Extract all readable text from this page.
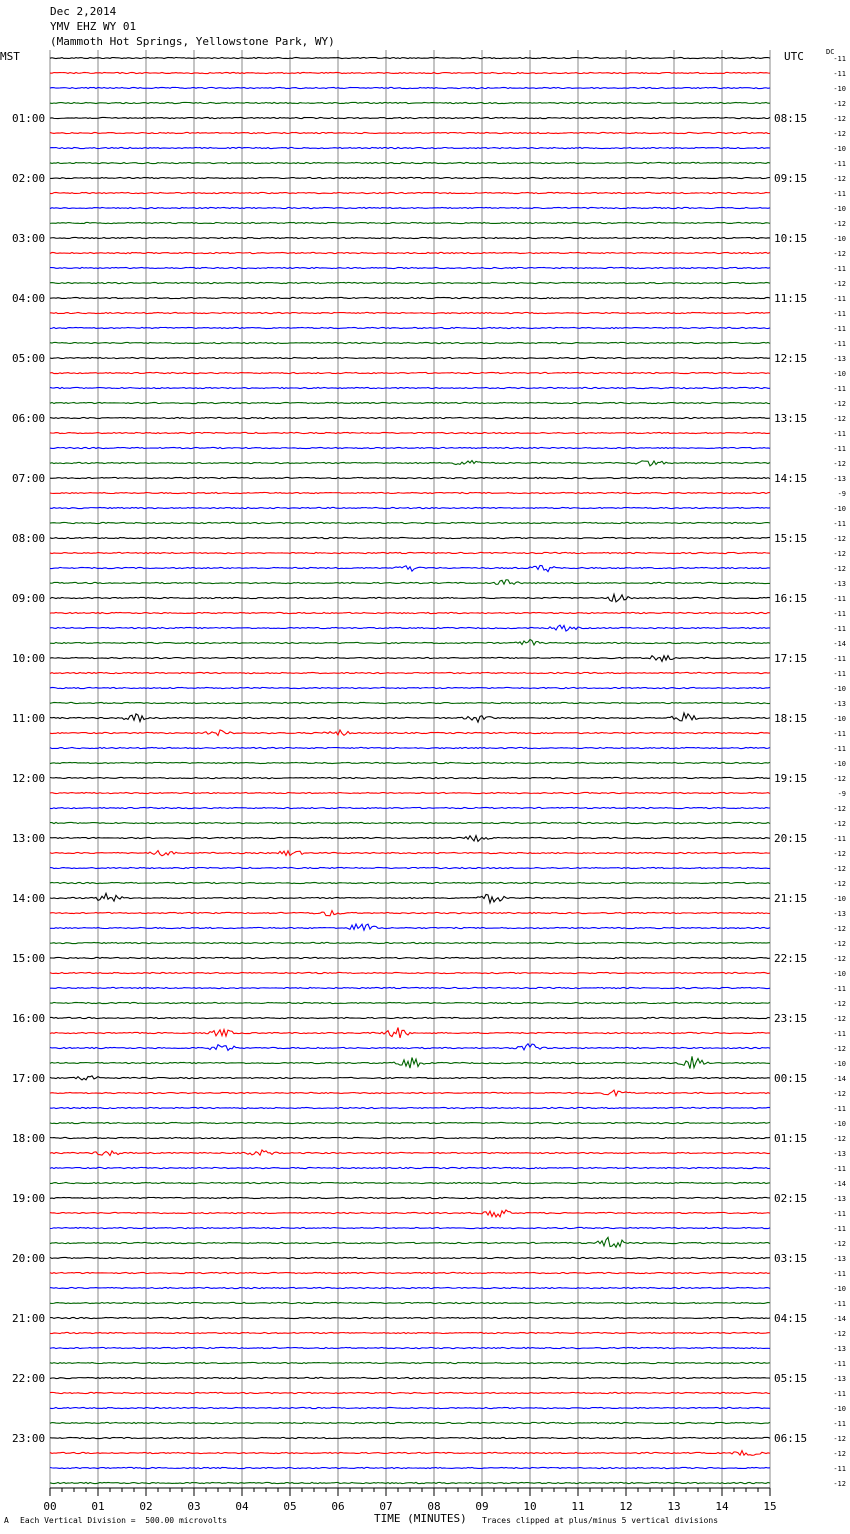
Dec 2,2014
YMV EHZ WY 01
(Mammoth Hot Springs, Yellowstone Park, WY)
MST	UTC	DC
01:00
02:00
03:00
04:00
05:00
06:00
07:00
08:00
09:00
10:00
11:00
12:00
13:00
14:00
15:00
16:00
17:00
18:00
19:00
20:00
21:00
22:00
23:00
08:15
09:15
10:15
11:15
12:15
13:15
14:15
15:15
16:15
17:15
18:15
19:15
20:15
21:15
22:15
23:15
00:15
01:15
02:15
03:15
04:15
05:15
06:15
-11
-11
-10
-12
-12
-12
-10
-11
-12
-11
-10
-12
-10
-12
-11
-12
-11
-11
-11
-11
-13
-10
-11
-12
-12
-11
-11
-12
-13
-9
-10
-11
-12
-12
-12
-13
-11
-11
-11
-14
-11
-11
-10
-13
-10
-11
-11
-10
-12
-9
-12
-12
-11
-12
-12
-12
-10
-13
-12
-12
-12
-10
-11
-12
-12
-11
-12
-10
-14
-12
-11
-10
-12
-13
-11
-14
-13
-11
-11
-12
-13
-11
-10
-11
-14
-12
-13
-11
-13
-11
-10
-11
-12
-12
-11
-12
00	01	02	03	04	05	06	07	08	09	10	11	12	13	14	15
A Each Vertical Division =  500.00 microvolts	TIME (MINUTES) Traces clipped at plus/minus 5 vertical divisions
